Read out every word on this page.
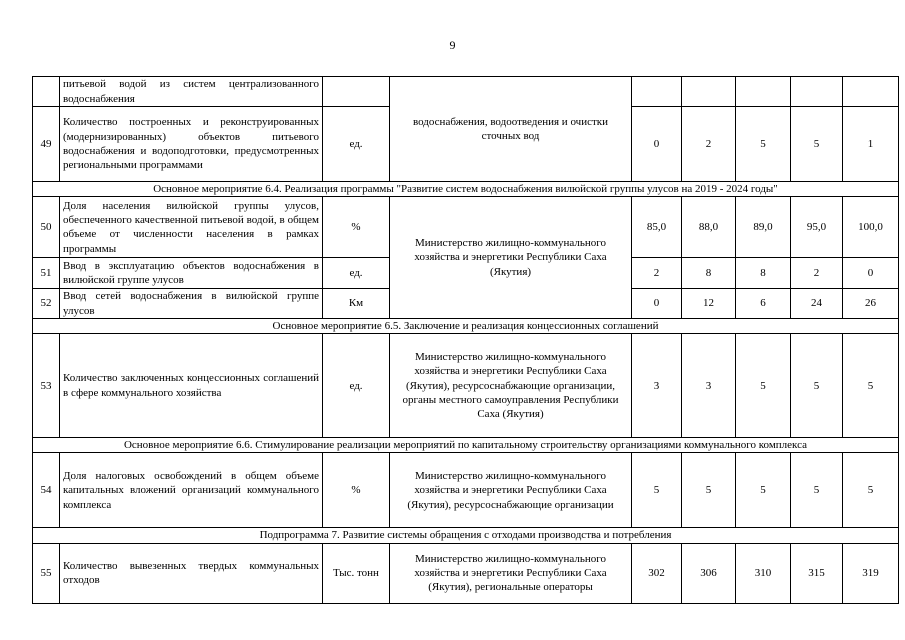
9
	питьевой водой из систем централизованного водоснабжения		водоснабжения, водоотведения и очистки сточных вод					
49	Количество построенных и реконструированных (модернизированных) объектов питьевого водоснабжения и водоподготовки, предусмотренных региональными программами	ед.		0	2	5	5	1
Основное мероприятие 6.4. Реализация программы "Развитие систем водоснабжения вилюйской группы улусов на 2019 - 2024 годы"								
50	Доля населения вилюйской группы улусов, обеспеченного качественной питьевой водой, в общем объеме от численности населения в рамках программы	%	Министерство жилищно-коммунального хозяйства и энергетики Республики Саха (Якутия)	85,0	88,0	89,0	95,0	100,0
51	Ввод в эксплуатацию объектов водоснабжения в вилюйской группе улусов	ед.		2	8	8	2	0
52	Ввод сетей водоснабжения в вилюйской группе улусов	Км		0	12	6	24	26
Основное мероприятие 6.5. Заключение и реализация концессионных соглашений								
53	Количество заключенных концессионных соглашений в сфере коммунального хозяйства	ед.	Министерство жилищно-коммунального хозяйства и энергетики Республики Саха (Якутия), ресурсоснабжающие организации, органы местного самоуправления Республики Саха (Якутия)	3	3	5	5	5
Основное мероприятие 6.6. Стимулирование реализации мероприятий по капитальному строительству организациями коммунального комплекса								
54	Доля налоговых освобождений в общем объеме капитальных вложений организаций коммунального комплекса	%	Министерство жилищно-коммунального хозяйства и энергетики Республики Саха (Якутия), ресурсоснабжающие организации	5	5	5	5	5
Подпрограмма 7. Развитие системы обращения с отходами производства и потребления								
55	Количество вывезенных твердых коммунальных отходов	Тыс. тонн	Министерство жилищно-коммунального хозяйства и энергетики Республики Саха (Якутия), региональные операторы	302	306	310	315	319
